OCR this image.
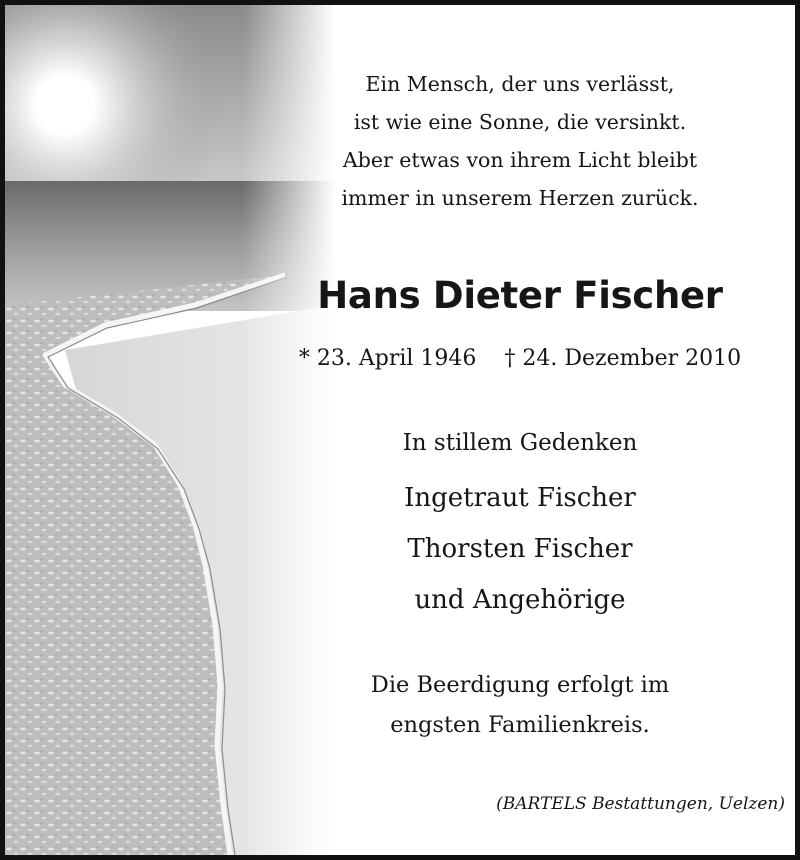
Ein Mensch, der uns verlässt,
ist wie eine Sonne, die versinkt.
Aber etwas von ihrem Licht bleibt
immer in unserem Herzen zurück.
Hans Dieter Fischer
* 23. April 1946 † 24. Dezember 2010
In stillem Gedenken
Ingetraut Fischer
Thorsten Fischer
und Angehörige
Die Beerdigung erfolgt im
engsten Familienkreis.
(BARTELS Bestattungen, Uelzen)
